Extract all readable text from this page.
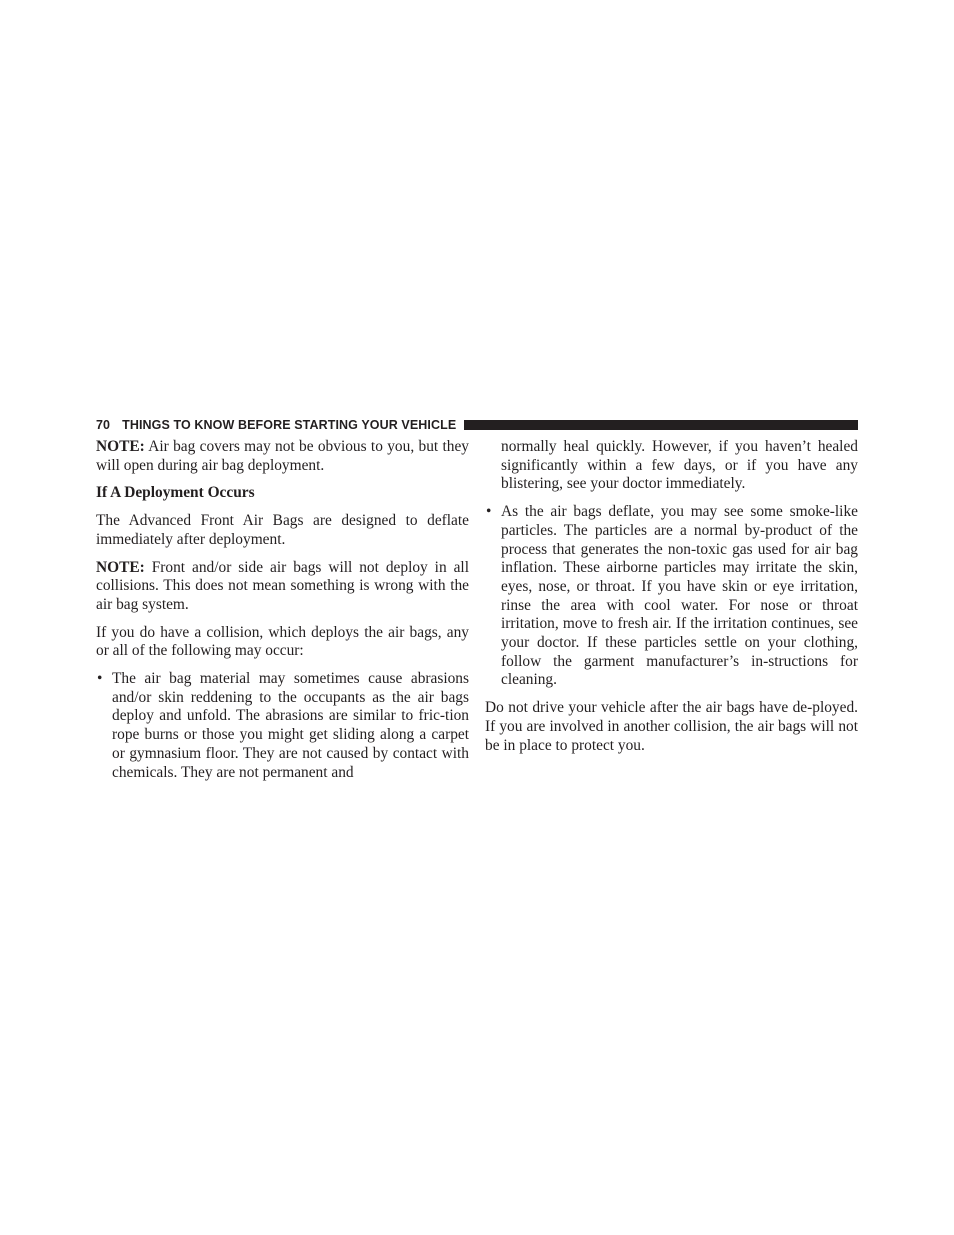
70 THINGS TO KNOW BEFORE STARTING YOUR VEHICLE

NOTE: Air bag covers may not be obvious to you, but they will open during air bag deployment.

If A Deployment Occurs

The Advanced Front Air Bags are designed to deflate immediately after deployment.

NOTE: Front and/or side air bags will not deploy in all collisions. This does not mean something is wrong with the air bag system.

If you do have a collision, which deploys the air bags, any or all of the following may occur:

• The air bag material may sometimes cause abrasions and/or skin reddening to the occupants as the air bags deploy and unfold. The abrasions are similar to fric-tion rope burns or those you might get sliding along a carpet or gymnasium floor. They are not caused by contact with chemicals. They are not permanent and

normally heal quickly. However, if you haven’t healed significantly within a few days, or if you have any blistering, see your doctor immediately.

• As the air bags deflate, you may see some smoke-like particles. The particles are a normal by-product of the process that generates the non-toxic gas used for air bag inflation. These airborne particles may irritate the skin, eyes, nose, or throat. If you have skin or eye irritation, rinse the area with cool water. For nose or throat irritation, move to fresh air. If the irritation continues, see your doctor. If these particles settle on your clothing, follow the garment manufacturer’s in-structions for cleaning.

Do not drive your vehicle after the air bags have de-ployed. If you are involved in another collision, the air bags will not be in place to protect you.
